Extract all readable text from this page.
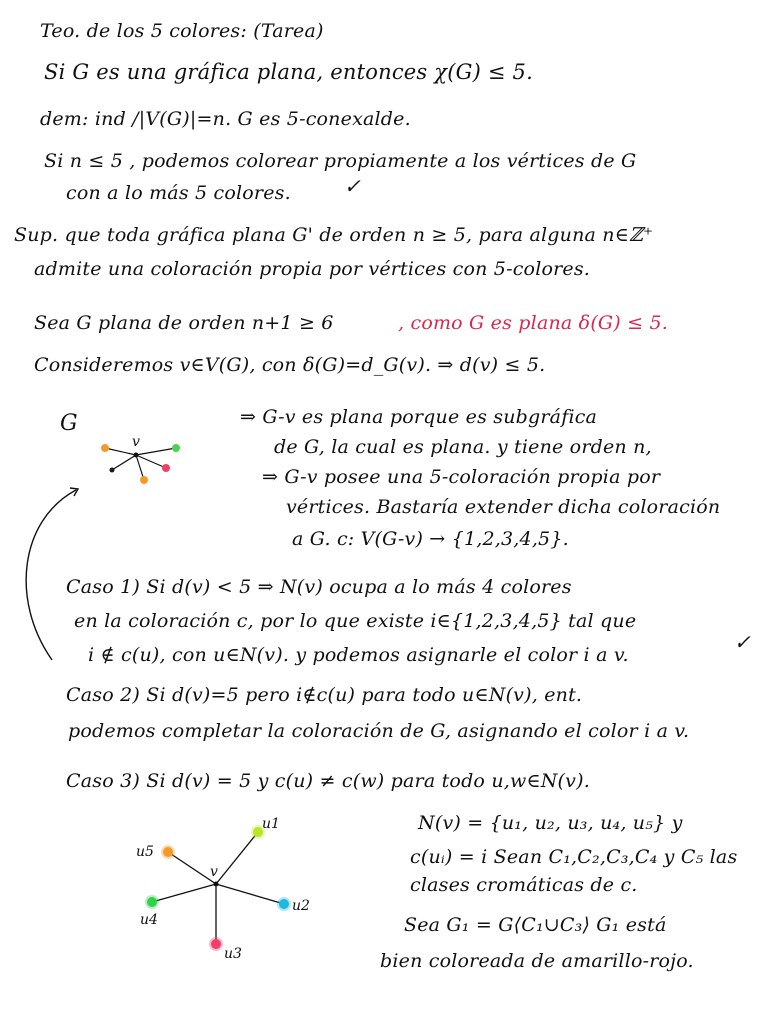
Teo. de los 5 colores: (Tarea)
Si G es una gráfica plana, entonces χ(G) ≤ 5.
dem: ind /|V(G)|=n. G es 5-conexalde.
Si n ≤ 5 , podemos colorear propiamente a los vértices de G
con a lo más 5 colores.	✓
Sup. que toda gráfica plana G' de orden n ≥ 5, para alguna n∈ℤ⁺
admite una coloración propia por vértices con 5-colores.
Sea G plana de orden n+1 ≥ 6	, como G es plana δ(G) ≤ 5.
Consideremos v∈V(G), con δ(G)=d_G(v). ⇒ d(v) ≤ 5.
⇒ G-v es plana porque es subgráfica
de G, la cual es plana. y tiene orden n,
⇒ G-v posee una 5-coloración propia por
vértices. Bastaría extender dicha coloración
a G. c: V(G-v) → {1,2,3,4,5}.
Caso 1) Si d(v) < 5 ⇒ N(v) ocupa a lo más 4 colores
en la coloración c, por lo que existe i∈{1,2,3,4,5} tal que
i ∉ c(u), con u∈N(v). y podemos asignarle el color i a v.
✓
Caso 2) Si d(v)=5 pero i∉c(u) para todo u∈N(v), ent.
podemos completar la coloración de G, asignando el color i a v.
Caso 3) Si d(v) = 5 y c(u) ≠ c(w) para todo u,w∈N(v).
N(v) = {u₁, u₂, u₃, u₄, u₅} y
c(uᵢ) = i Sean C₁,C₂,C₃,C₄ y C₅ las
clases cromáticas de c.
Sea G₁ = G⟨C₁∪C₃⟩ G₁ está
bien coloreada de amarillo-rojo.
G
v
v
u1
u2
u3
u4
u5
